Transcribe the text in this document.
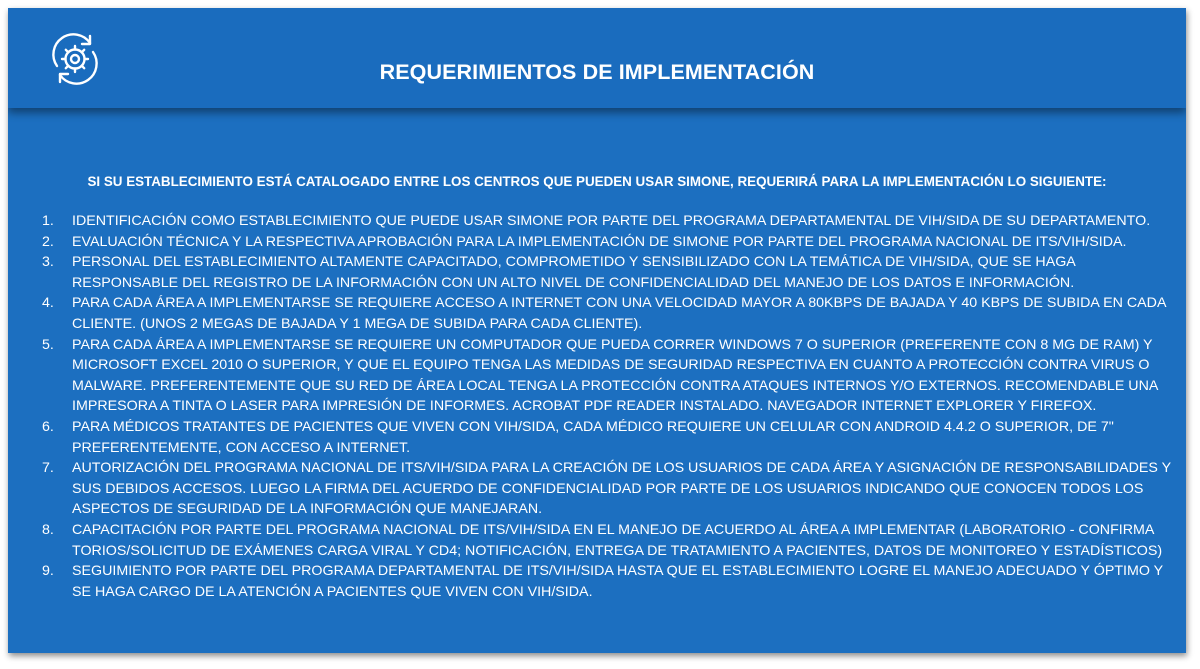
REQUERIMIENTOS DE IMPLEMENTACIÓN
SI SU ESTABLECIMIENTO ESTÁ CATALOGADO ENTRE LOS CENTROS QUE PUEDEN USAR SIMONE, REQUERIRÁ PARA LA IMPLEMENTACIÓN LO SIGUIENTE:
1. IDENTIFICACIÓN COMO ESTABLECIMIENTO QUE PUEDE USAR SIMONE POR PARTE DEL PROGRAMA DEPARTAMENTAL DE VIH/SIDA DE SU DEPARTAMENTO.
2. EVALUACIÓN TÉCNICA Y LA RESPECTIVA APROBACIÓN PARA LA IMPLEMENTACIÓN DE SIMONE POR PARTE DEL PROGRAMA NACIONAL DE ITS/VIH/SIDA.
3. PERSONAL DEL ESTABLECIMIENTO ALTAMENTE CAPACITADO, COMPROMETIDO Y SENSIBILIZADO CON LA TEMÁTICA DE VIH/SIDA, QUE SE HAGA RESPONSABLE DEL REGISTRO DE LA INFORMACIÓN CON UN ALTO NIVEL DE CONFIDENCIALIDAD DEL MANEJO DE LOS DATOS E INFORMACIÓN.
4. PARA CADA ÁREA A IMPLEMENTARSE SE REQUIERE ACCESO A INTERNET CON UNA VELOCIDAD MAYOR A 80KBPS DE BAJADA Y 40 KBPS DE SUBIDA EN CADA CLIENTE. (UNOS 2 MEGAS DE BAJADA Y 1 MEGA DE SUBIDA PARA CADA CLIENTE).
5. PARA CADA ÁREA A IMPLEMENTARSE SE REQUIERE UN COMPUTADOR QUE PUEDA CORRER WINDOWS 7 O SUPERIOR (PREFERENTE CON 8 MG DE RAM) Y MICROSOFT EXCEL 2010 O SUPERIOR, Y QUE EL EQUIPO TENGA LAS MEDIDAS DE SEGURIDAD RESPECTIVA EN CUANTO A PROTECCIÓN CONTRA VIRUS O MALWARE. PREFERENTEMENTE QUE SU RED DE ÁREA LOCAL TENGA LA PROTECCIÓN CONTRA ATAQUES INTERNOS Y/O EXTERNOS. RECOMENDABLE UNA IMPRESORA A TINTA O LASER PARA IMPRESIÓN DE INFORMES. ACROBAT PDF READER INSTALADO. NAVEGADOR INTERNET EXPLORER Y FIREFOX.
6. PARA MÉDICOS TRATANTES DE PACIENTES QUE VIVEN CON VIH/SIDA, CADA MÉDICO REQUIERE UN CELULAR CON ANDROID 4.4.2 O SUPERIOR, DE 7" PREFERENTEMENTE, CON ACCESO A INTERNET.
7. AUTORIZACIÓN DEL PROGRAMA NACIONAL DE ITS/VIH/SIDA PARA LA CREACIÓN DE LOS USUARIOS DE CADA ÁREA Y ASIGNACIÓN DE RESPONSABILIDADES Y SUS DEBIDOS ACCESOS. LUEGO LA FIRMA DEL ACUERDO DE CONFIDENCIALIDAD POR PARTE DE LOS USUARIOS INDICANDO QUE CONOCEN TODOS LOS ASPECTOS DE SEGURIDAD DE LA INFORMACIÓN QUE MANEJARAN.
8. CAPACITACIÓN POR PARTE DEL PROGRAMA NACIONAL DE ITS/VIH/SIDA EN EL MANEJO DE ACUERDO AL ÁREA A IMPLEMENTAR (LABORATORIO - CONFIRMA TORIOS/SOLICITUD DE EXÁMENES CARGA VIRAL Y CD4; NOTIFICACIÓN, ENTREGA DE TRATAMIENTO A PACIENTES, DATOS DE MONITOREO Y ESTADÍSTICOS)
9. SEGUIMIENTO POR PARTE DEL PROGRAMA DEPARTAMENTAL DE ITS/VIH/SIDA HASTA QUE EL ESTABLECIMIENTO LOGRE EL MANEJO ADECUADO Y ÓPTIMO Y SE HAGA CARGO DE LA ATENCIÓN A PACIENTES QUE VIVEN CON VIH/SIDA.
